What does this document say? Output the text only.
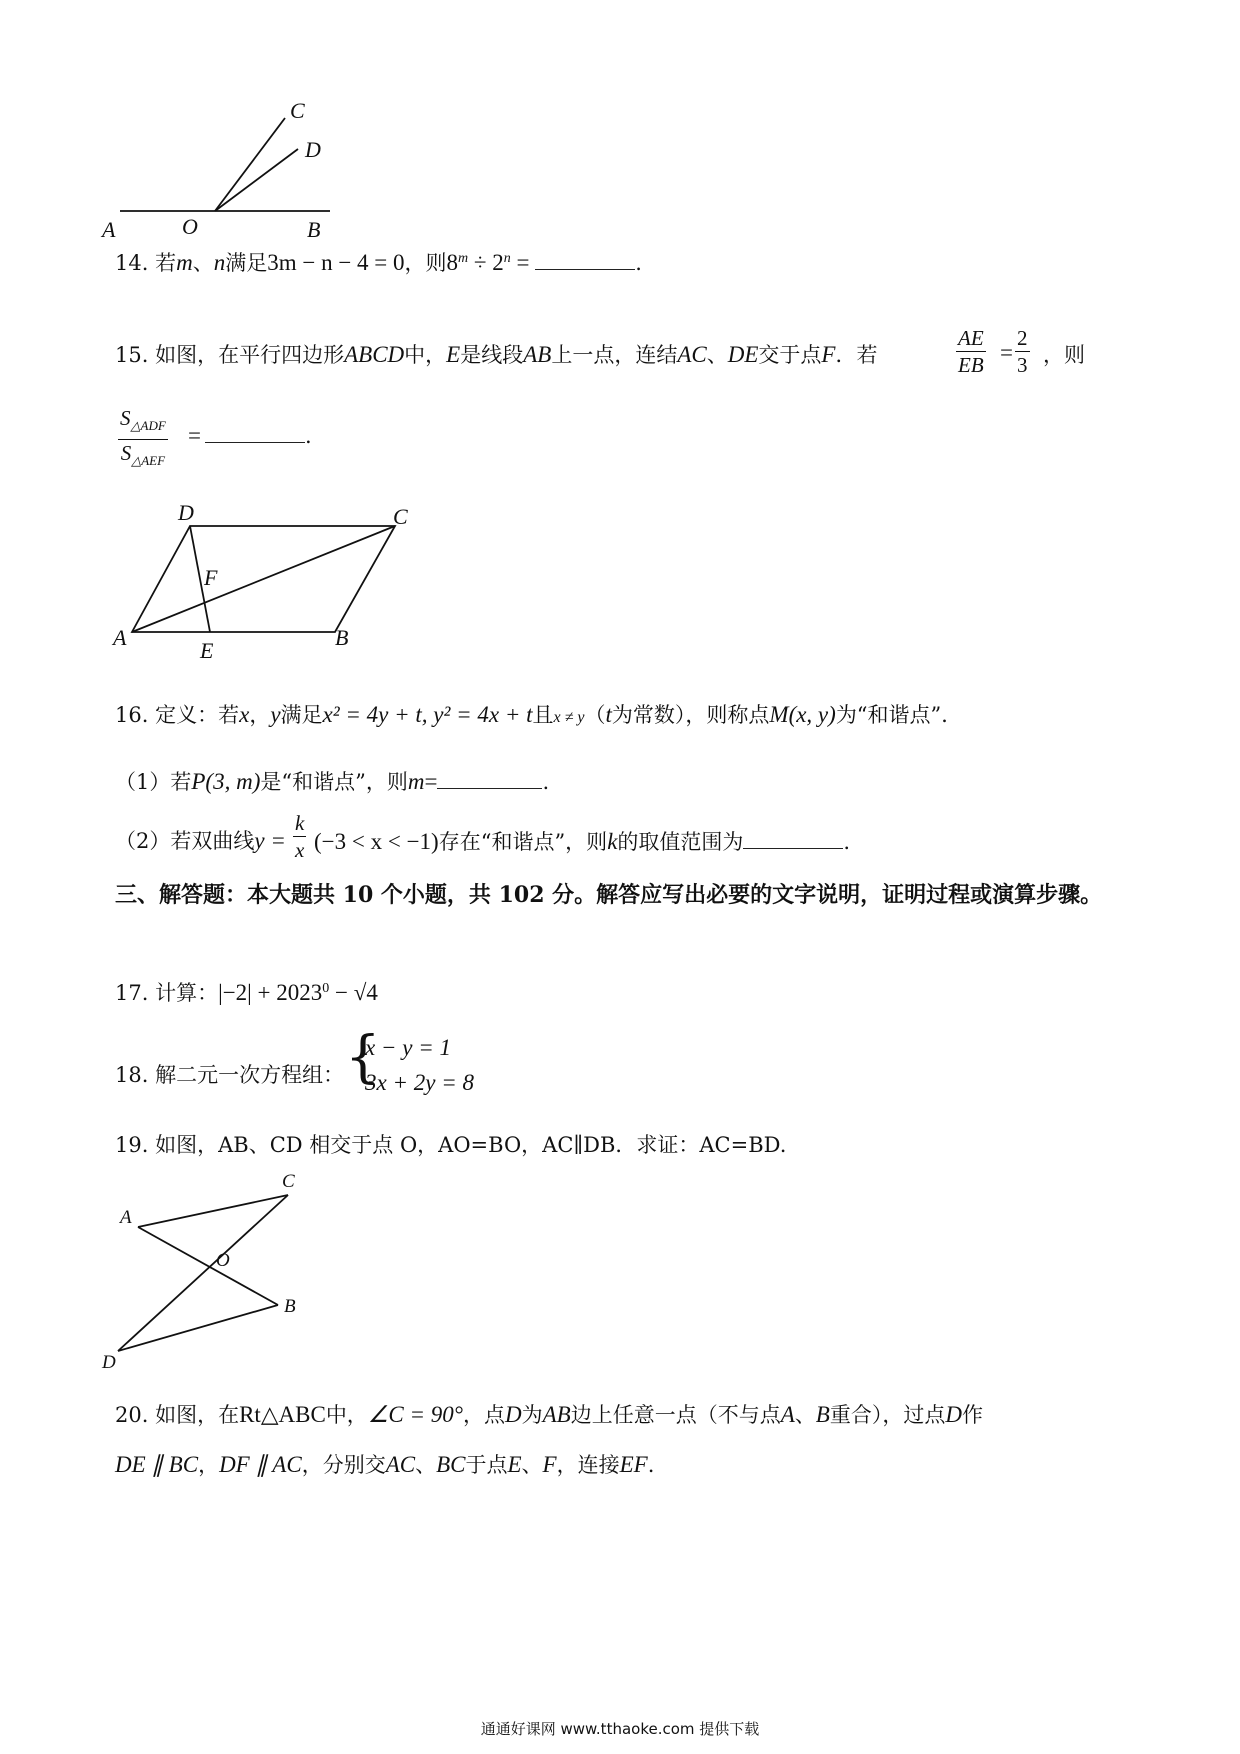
A	O	B
C
D
14. 若m、n满足3m − n − 4 = 0，则$8^m \div 2^n$ =	.
15. 如图，在平行四边形ABCD中，E是线段AB上一点，连结AC、DE交于点F．若	$\frac{AE}{EB} = \frac{2}{3}$ ，则
$\frac{S_{\triangle ADF}}{S_{\triangle AEF}}$ =	.
D	C
F
A
E
B
16. 定义：若x，y满足x² = 4y + t, y² = 4x + t且x ≠ y（t为常数），则称点M(x, y)为“和谐点”．
（1）若P(3, m)是“和谐点”，则m=	.
（2）若双曲线$y = \frac{k}{x} (-3 < x < -1)$存在“和谐点”，则k的取值范围为	.
三、解答题：本大题共 10 个小题，共 102 分。解答应写出必要的文字说明，证明过程或演算步骤。
17. 计算：$|-2| + 2023^0 - √4$
18. 解二元一次方程组： {
x − y = 1
3x + 2y = 8
19. 如图，AB、CD 相交于点 O，AO=BO，AC∥DB．求证：AC=BD.
C
A
O
B
D
20. 如图，在Rt△ABC中，∠C = 90°，点D为AB边上任意一点（不与点A、B重合），过点D作
DE ∥ BC，DF ∥ AC，分别交AC、BC于点E、F，连接EF.
通通好课网 www.tthaoke.com 提供下载
